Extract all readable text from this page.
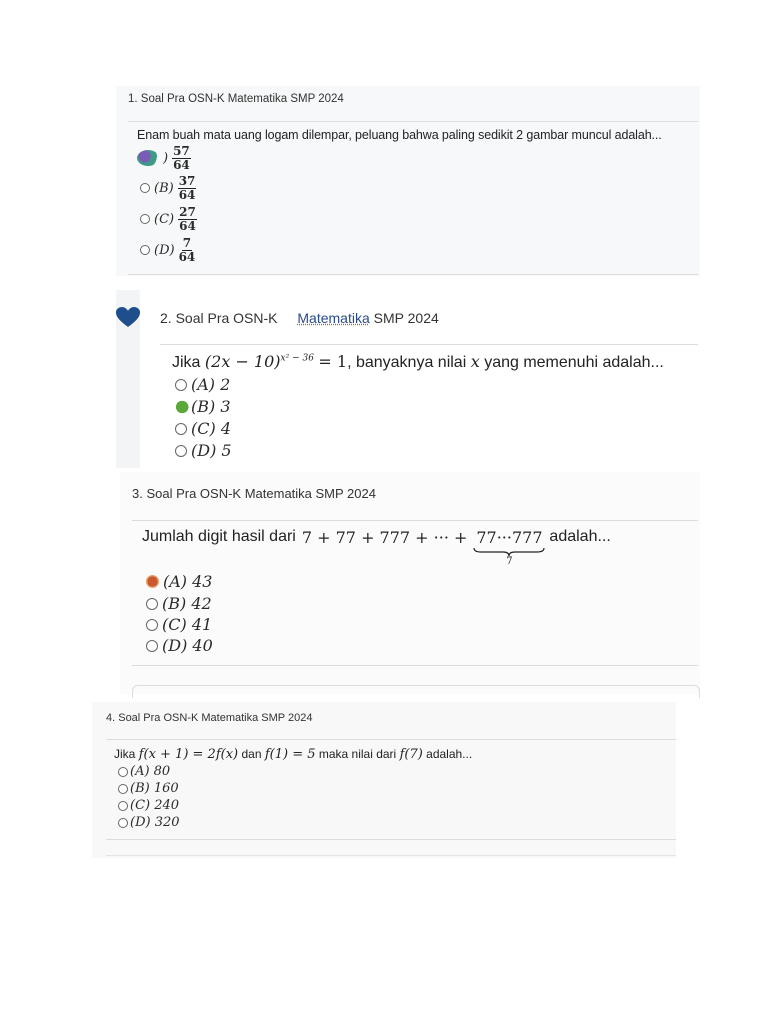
1. Soal Pra OSN-K Matematika SMP 2024
Enam buah mata uang logam dilempar, peluang bahwa paling sedikit 2 gambar muncul adalah...
) $\frac{57}{64}$
$(B) \frac{37}{64}$
$(C) \frac{27}{64}$
$(D) \frac{7}{64}$
2. Soal Pra OSN-K Matematika SMP 2024
Jika $(2x - 10)^{x^2 - 36} = 1$, banyaknya nilai x yang memenuhi adalah...
(A) 2
(B) 3
(C) 4
(D) 5
3. Soal Pra OSN-K Matematika SMP 2024
Jumlah digit hasil dari 7 + 77 + 777 + ··· + 77···777
7
adalah...
(A) 43
(B) 42
(C) 41
(D) 40
4. Soal Pra OSN-K Matematika SMP 2024
Jika f(x + 1) = 2f(x) dan f(1) = 5 maka nilai dari f(7) adalah...
(A) 80
(B) 160
(C) 240
(D) 320
